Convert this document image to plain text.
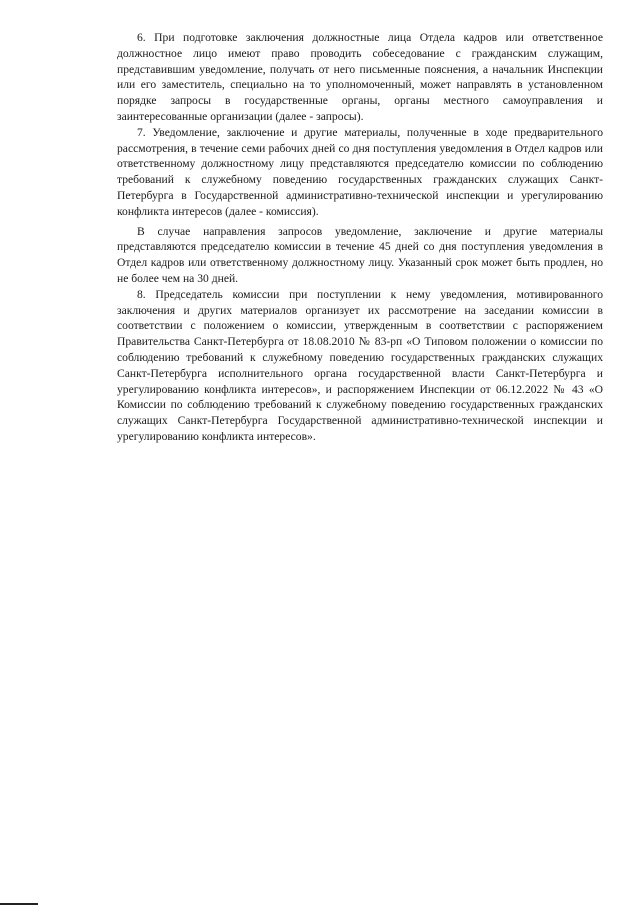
6. При подготовке заключения должностные лица Отдела кадров или ответственное должностное лицо имеют право проводить собеседование с гражданским служащим, представившим уведомление, получать от него письменные пояснения, а начальник Инспекции или его заместитель, специально на то уполномоченный, может направлять в установленном порядке запросы в государственные органы, органы местного самоуправления и заинтересованные организации (далее - запросы).

7. Уведомление, заключение и другие материалы, полученные в ходе предварительного рассмотрения, в течение семи рабочих дней со дня поступления уведомления в Отдел кадров или ответственному должностному лицу представляются председателю комиссии по соблюдению требований к служебному поведению государственных гражданских служащих Санкт-Петербурга в Государственной административно-технической инспекции и урегулированию конфликта интересов (далее - комиссия).

В случае направления запросов уведомление, заключение и другие материалы представляются председателю комиссии в течение 45 дней со дня поступления уведомления в Отдел кадров или ответственному должностному лицу. Указанный срок может быть продлен, но не более чем на 30 дней.

8. Председатель комиссии при поступлении к нему уведомления, мотивированного заключения и других материалов организует их рассмотрение на заседании комиссии в соответствии с положением о комиссии, утвержденным в соответствии с распоряжением Правительства Санкт-Петербурга от 18.08.2010 № 83-рп «О Типовом положении о комиссии по соблюдению требований к служебному поведению государственных гражданских служащих Санкт-Петербурга исполнительного органа государственной власти Санкт-Петербурга и урегулированию конфликта интересов», и распоряжением Инспекции от 06.12.2022 № 43 «О Комиссии по соблюдению требований к служебному поведению государственных гражданских служащих Санкт-Петербурга Государственной административно-технической инспекции и урегулированию конфликта интересов».
